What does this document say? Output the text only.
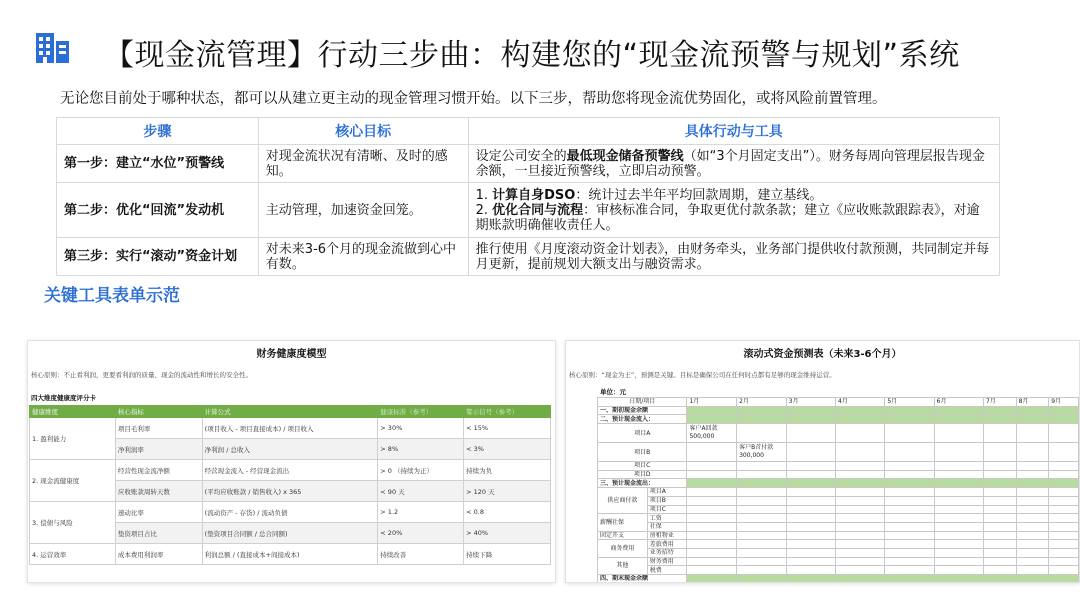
【现金流管理】行动三步曲：构建您的“现金流预警与规划”系统
无论您目前处于哪种状态，都可以从建立更主动的现金管理习惯开始。以下三步，帮助您将现金流优势固化，或将风险前置管理。
步骤	核心目标	具体行动与工具
第一步：建立“水位”预警线	对现金流状况有清晰、及时的感知。	设定公司安全的最低现金储备预警线（如“3个月固定支出”）。财务每周向管理层报告现金余额，一旦接近预警线，立即启动预警。
第二步：优化“回流”发动机	主动管理，加速资金回笼。	1. 计算自身DSO：统计过去半年平均回款周期，建立基线。
2. 优化合同与流程：审核标准合同，争取更优付款条款；建立《应收账款跟踪表》，对逾期账款明确催收责任人。

第三步：实行“滚动”资金计划	对未来3-6个月的现金流做到心中有数。	推行使用《月度滚动资金计划表》，由财务牵头，业务部门提供收付款预测，共同制定并每月更新，提前规划大额支出与融资需求。
关键工具表单示范
财务健康度模型
核心原则：不止看利润，更要看利润的质量、现金的流动性和增长的安全性。
四大维度健康度评分卡
健康维度	核心指标	计算公式	健康标准（参考）	警示信号（参考）
1. 盈利能力	项目毛利率	(项目收入 - 项目直接成本) / 项目收入	> 30%	< 15%
	净利润率	净利润 / 总收入	> 8%	< 3%
2. 现金流健康度	经营性现金流净额	经营现金流入 - 经营现金流出	> 0 （持续为正）	持续为负
	应收账款周转天数	(平均应收账款 / 销售收入) x 365	< 90 天	> 120 天
3. 偿债与风险	速动比率	(流动资产 - 存货) / 流动负债	> 1.2	< 0.8
	垫资项目占比	(垫资项目合同额 / 总合同额)	< 20%	> 40%
4. 运营效率	成本费用利润率	利润总额 / (直接成本+间接成本)	持续改善	持续下降
滚动式资金预测表（未来3-6个月）
核心原则：“现金为王”，预测是关键。目标是确保公司在任何时点都有足够的现金维持运营。
单位：元
日期/项目		1月	2月	3月	4月	5月	6月	7月	8月	9月
一、期初现金余额										
二、预计现金流入：										
项目A		客户A回款 500,000								
项目B			客户B首付款 300,000							
项目C										
项目D										
三、预计现金流出：										
供应商付款	项目A									
	项目B									
	项目C									
薪酬社保	工资									
	社保									
固定开支	房租物业									
商务费用	差旅费用									
	业务招待									
其他	财务费用									
	税费									
四、期末现金余额										
